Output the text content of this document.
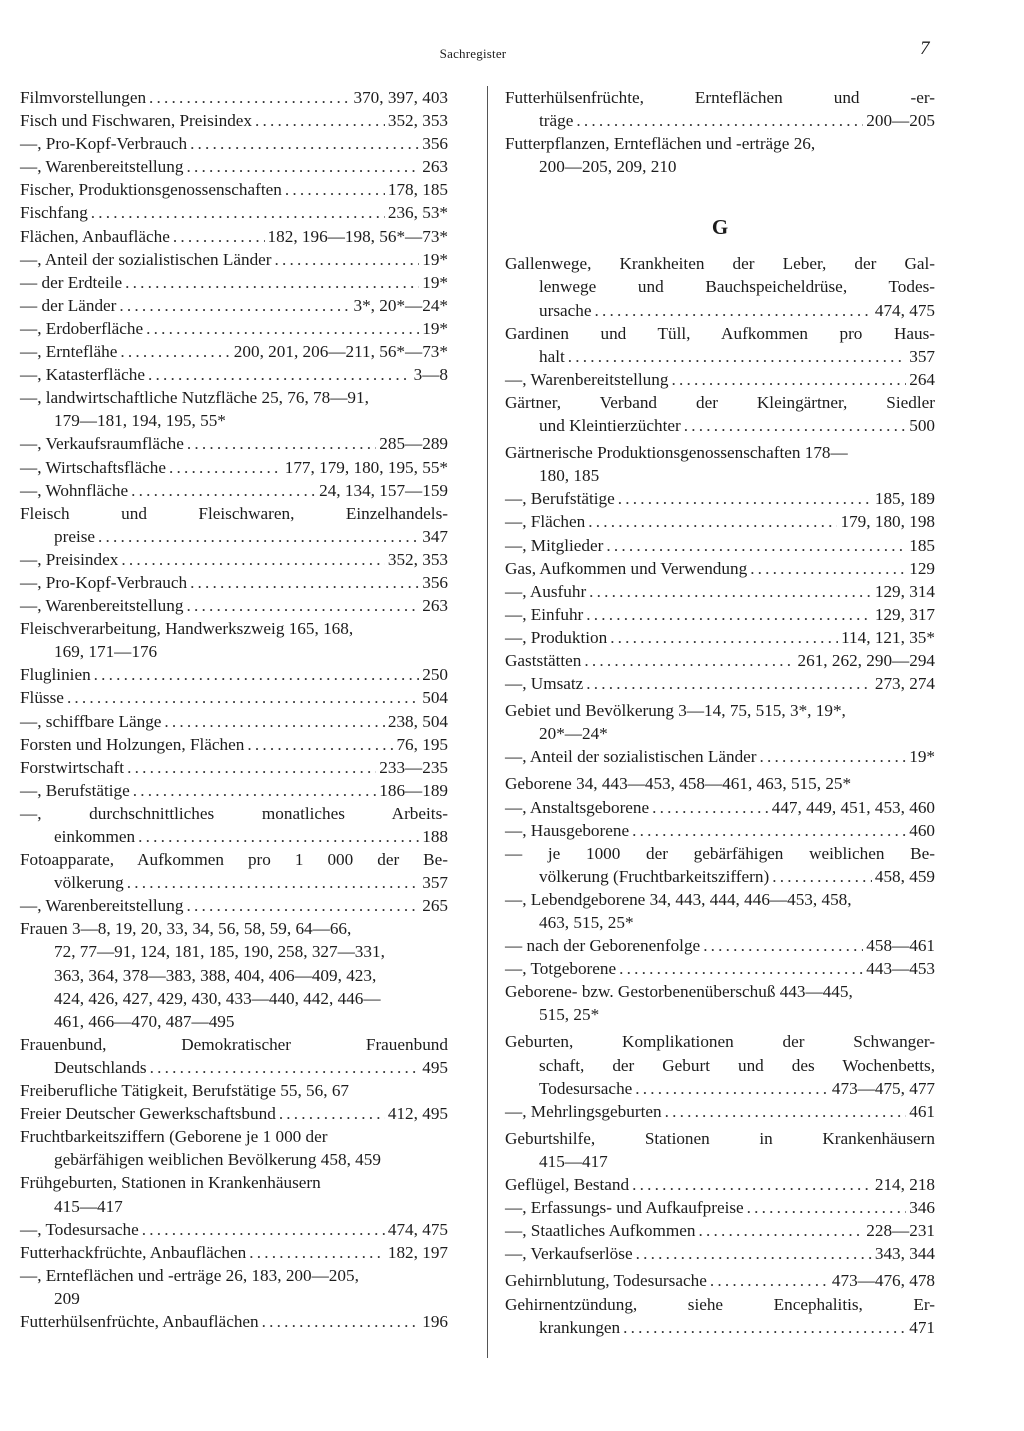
Sachregister	7
Filmvorstellungen .....	370, 397, 403
Fisch und Fischwaren, Preisindex .....	352, 353
—, Pro-Kopf-Verbrauch .....	356
—, Warenbereitstellung .....	263
Fischer, Produktionsgenossenschaften .....	178, 185
Fischfang .....	236, 53*
Flächen, Anbaufläche .....	182, 196—198, 56*—73*
—, Anteil der sozialistischen Länder .....	19*
— der Erdteile .....	19*
— der Länder .....	3*, 20*—24*
—, Erdoberfläche .....	19*
—, Ernteflähe .....	200, 201, 206—211, 56*—73*
—, Katasterfläche .....	3—8
—, landwirtschaftliche Nutzfläche 25, 76, 78—91,
179—181, 194, 195, 55*
—, Verkaufsraumfläche .....	285—289
—, Wirtschaftsfläche .....	177, 179, 180, 195, 55*
—, Wohnfläche .....	24, 134, 157—159
Fleisch und Fleischwaren, Einzelhandels-
preise .....	347
—, Preisindex .....	352, 353
—, Pro-Kopf-Verbrauch .....	356
—, Warenbereitstellung .....	263
Fleischverarbeitung, Handwerkszweig 165, 168,
169, 171—176
Fluglinien .....	250
Flüsse .....	504
—, schiffbare Länge .....	238, 504
Forsten und Holzungen, Flächen .....	76, 195
Forstwirtschaft .....	233—235
—, Berufstätige .....	186—189
—, durchschnittliches monatliches Arbeits-
einkommen .....	188
Fotoapparate, Aufkommen pro 1 000 der Be-
völkerung .....	357
—, Warenbereitstellung .....	265
Frauen 3—8, 19, 20, 33, 34, 56, 58, 59, 64—66,
72, 77—91, 124, 181, 185, 190, 258, 327—331,
363, 364, 378—383, 388, 404, 406—409, 423,
424, 426, 427, 429, 430, 433—440, 442, 446—
461, 466—470, 487—495
Frauenbund, Demokratischer Frauenbund
Deutschlands .....	495
Freiberufliche Tätigkeit, Berufstätige 55, 56, 67
Freier Deutscher Gewerkschaftsbund .....	412, 495
Fruchtbarkeitsziffern (Geborene je 1 000 der
gebärfähigen weiblichen Bevölkerung 458, 459
Frühgeburten, Stationen in Krankenhäusern
415—417
—, Todesursache .....	474, 475
Futterhackfrüchte, Anbauflächen .....	182, 197
—, Ernteflächen und -erträge 26, 183, 200—205,
209
Futterhülsenfrüchte, Anbauflächen .....	196
Futterhülsenfrüchte, Ernteflächen und -er-
träge .....	200—205
Futterpflanzen, Ernteflächen und -erträge 26,
200—205, 209, 210
G
Gallenwege, Krankheiten der Leber, der Gal-
lenwege und Bauchspeicheldrüse, Todes-
ursache .....	474, 475
Gardinen und Tüll, Aufkommen pro Haus-
halt .....	357
—, Warenbereitstellung .....	264
Gärtner, Verband der Kleingärtner, Siedler
und Kleintierzüchter .....	500
Gärtnerische Produktionsgenossenschaften 178—
180, 185
—, Berufstätige .....	185, 189
—, Flächen .....	179, 180, 198
—, Mitglieder .....	185
Gas, Aufkommen und Verwendung .....	129
—, Ausfuhr .....	129, 314
—, Einfuhr .....	129, 317
—, Produktion .....	114, 121, 35*
Gaststätten .....	261, 262, 290—294
—, Umsatz .....	273, 274
Gebiet und Bevölkerung 3—14, 75, 515, 3*, 19*,
20*—24*
—, Anteil der sozialistischen Länder .....	19*
Geborene 34, 443—453, 458—461, 463, 515, 25*
—, Anstaltsgeborene .....	447, 449, 451, 453, 460
—, Hausgeborene .....	460
— je 1000 der gebärfähigen weiblichen Be-
völkerung (Fruchtbarkeitsziffern) .....	458, 459
—, Lebendgeborene 34, 443, 444, 446—453, 458,
463, 515, 25*
— nach der Geborenenfolge .....	458—461
—, Totgeborene .....	443—453
Geborene- bzw. Gestorbenenüberschuß 443—445,
515, 25*
Geburten, Komplikationen der Schwanger-
schaft, der Geburt und des Wochenbetts,
Todesursache .....	473—475, 477
—, Mehrlingsgeburten .....	461
Geburtshilfe, Stationen in Krankenhäusern
415—417
Geflügel, Bestand .....	214, 218
—, Erfassungs- und Aufkaufpreise .....	346
—, Staatliches Aufkommen .....	228—231
—, Verkaufserlöse .....	343, 344
Gehirnblutung, Todesursache .....	473—476, 478
Gehirnentzündung, siehe Encephalitis, Er-
krankungen .....	471
